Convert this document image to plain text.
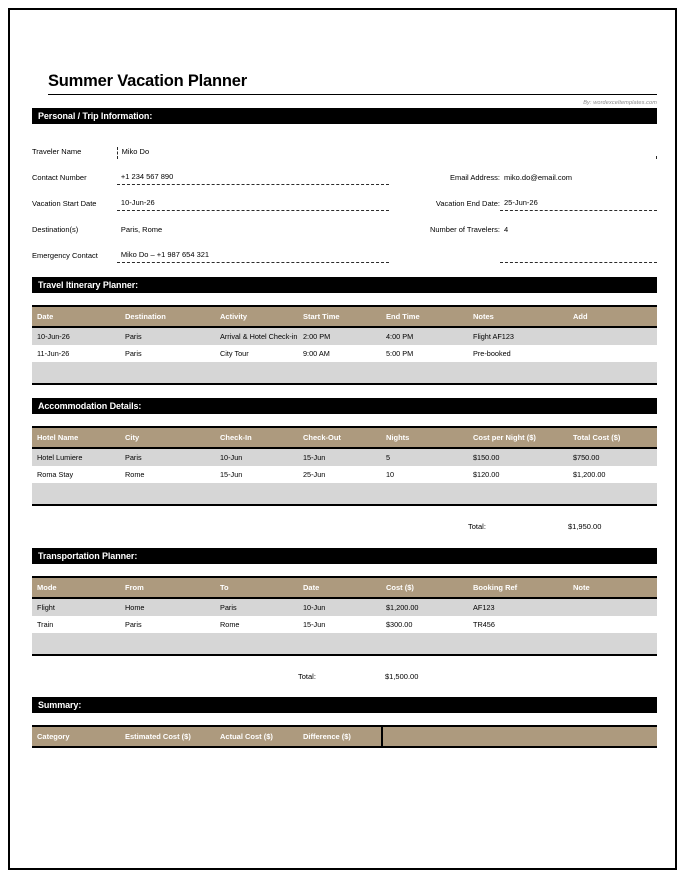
Summer Vacation Planner
By: wordexceltemplates.com
Personal / Trip Information:
Traveler Name	Miko Do
Contact Number	+1 234 567 890	Email Address: miko.do@email.com
Vacation Start Date	10-Jun-26	Vacation End Date: 25-Jun-26
Destination(s)	Paris, Rome	Number of Travelers: 4
Emergency Contact	Miko Do – +1 987 654 321
Travel Itinerary Planner:
Date	Destination	Activity	Start Time	End Time	Notes	Add
10-Jun-26	Paris	Arrival & Hotel Check-in	2:00 PM	4:00 PM	Flight AF123	
11-Jun-26	Paris	City Tour	9:00 AM	5:00 PM	Pre-booked	

Accommodation Details:
Hotel Name	City	Check-In	Check-Out	Nights	Cost per Night ($)	Total Cost ($)
Hotel Lumiere	Paris	10-Jun	15-Jun	5	$150.00	$750.00
Roma Stay	Rome	15-Jun	25-Jun	10	$120.00	$1,200.00

Total:	$1,950.00
Transportation Planner:
Mode	From	To	Date	Cost ($)	Booking Ref	Note
Flight	Home	Paris	10-Jun	$1,200.00	AF123	
Train	Paris	Rome	15-Jun	$300.00	TR456	

Total:	$1,500.00
Summary:
Category	Estimated Cost ($)	Actual Cost ($)	Difference ($)
